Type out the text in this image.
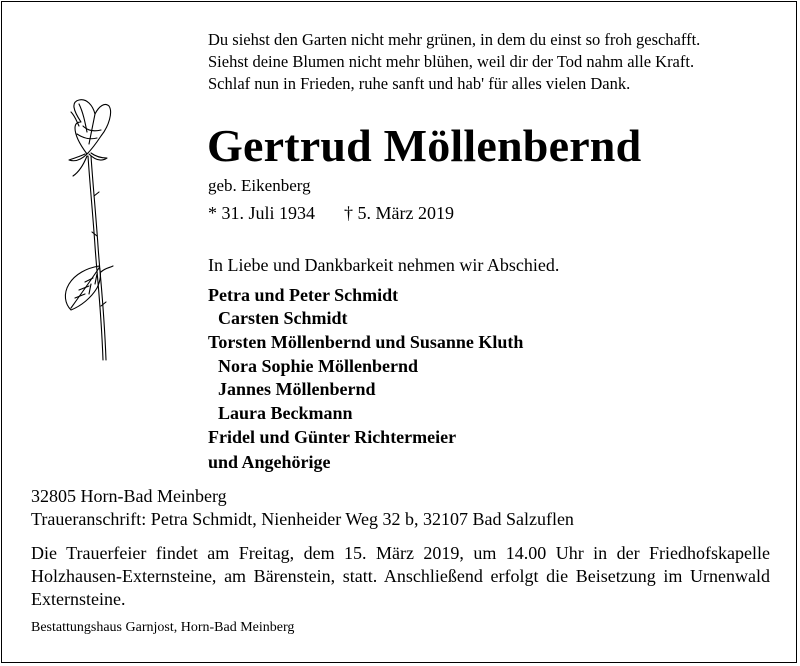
Du siehst den Garten nicht mehr grünen, in dem du einst so froh geschafft.
Siehst deine Blumen nicht mehr blühen, weil dir der Tod nahm alle Kraft.
Schlaf nun in Frieden, ruhe sanft und hab' für alles vielen Dank.
Gertrud Möllenbernd
geb. Eikenberg
* 31. Juli 1934 † 5. März 2019
In Liebe und Dankbarkeit nehmen wir Abschied.
Petra und Peter Schmidt
Carsten Schmidt
Torsten Möllenbernd und Susanne Kluth
Nora Sophie Möllenbernd
Jannes Möllenbernd
Laura Beckmann
Fridel und Günter Richtermeier
und Angehörige
32805 Horn-Bad Meinberg
Traueranschrift: Petra Schmidt, Nienheider Weg 32 b, 32107 Bad Salzuflen
Die Trauerfeier findet am Freitag, dem 15. März 2019, um 14.00 Uhr in der Friedhofskapelle Holzhausen-Externsteine, am Bärenstein, statt. Anschließend erfolgt die Beisetzung im Urnenwald Externsteine.
Bestattungshaus Garnjost, Horn-Bad Meinberg
